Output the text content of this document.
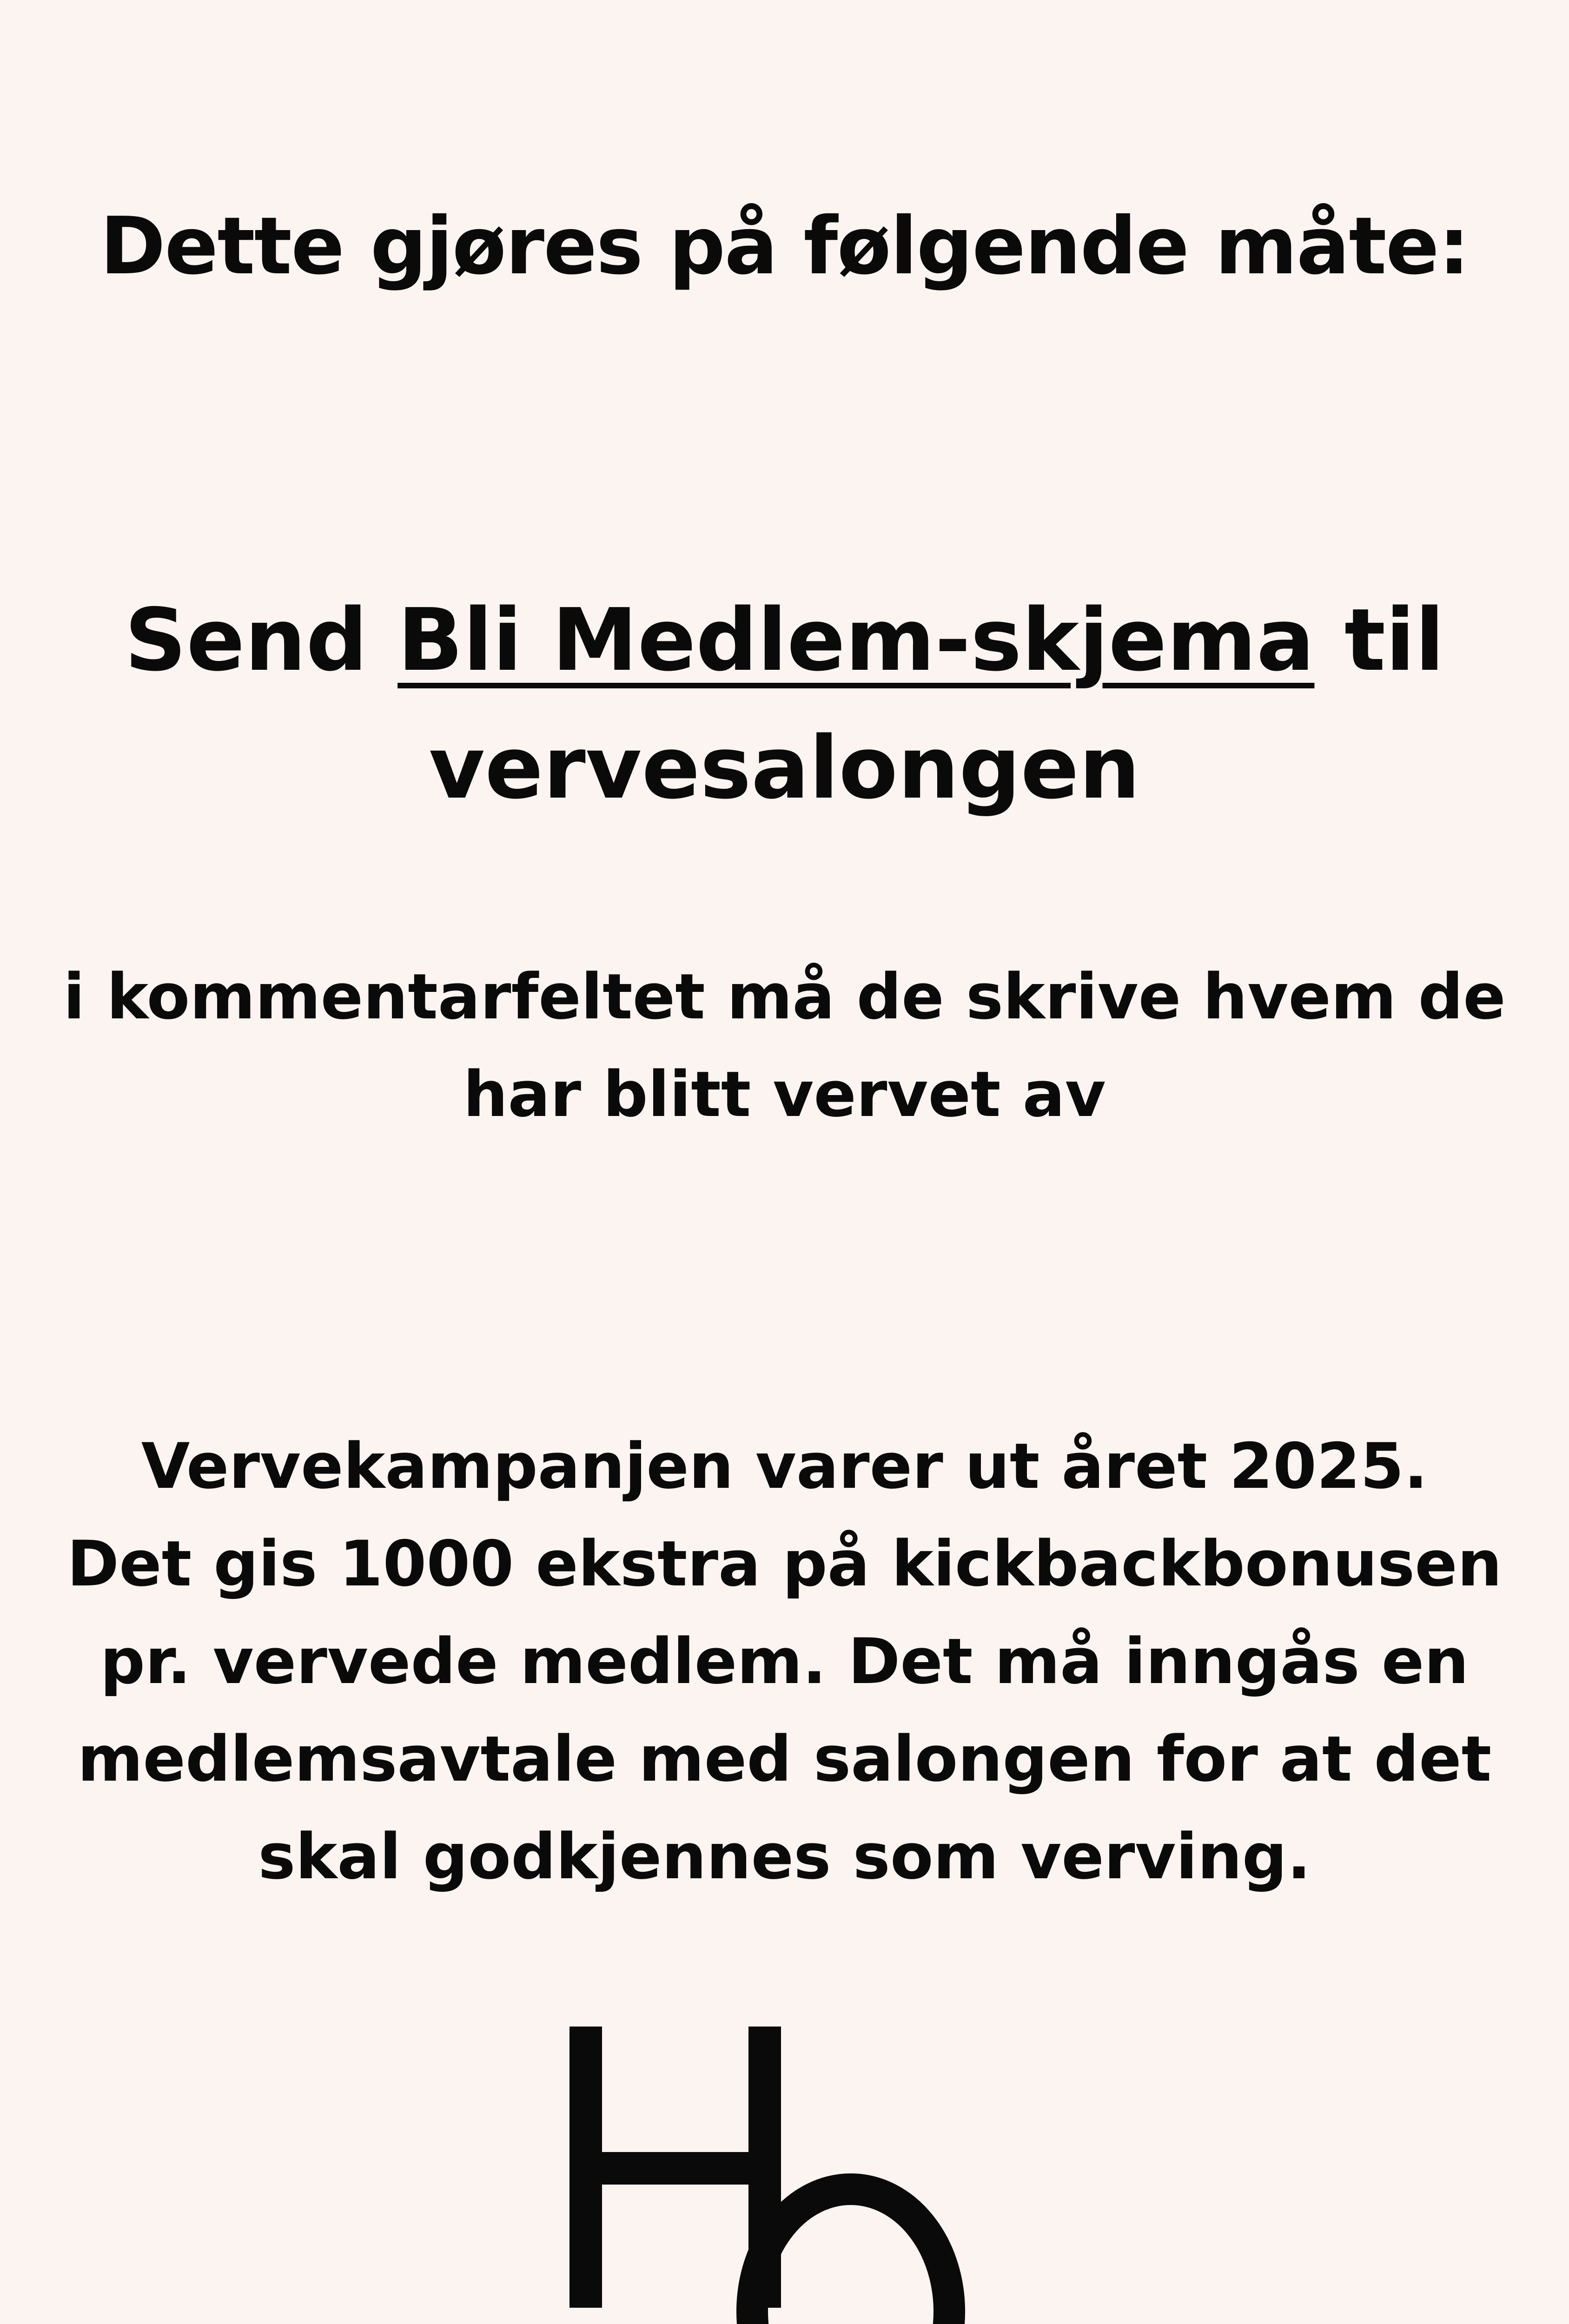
Dette gjøres på følgende måte:
Send Bli Medlem-skjema til vervesalongen

i kommentarfeltet må de skrive hvem de har blitt vervet av

Vervekampanjen varer ut året 2025.
Det gis 1000 ekstra på kickbackbonusen pr. vervede medlem. Det må inngås en medlemsavtale med salongen for at det skal godkjennes som verving.
